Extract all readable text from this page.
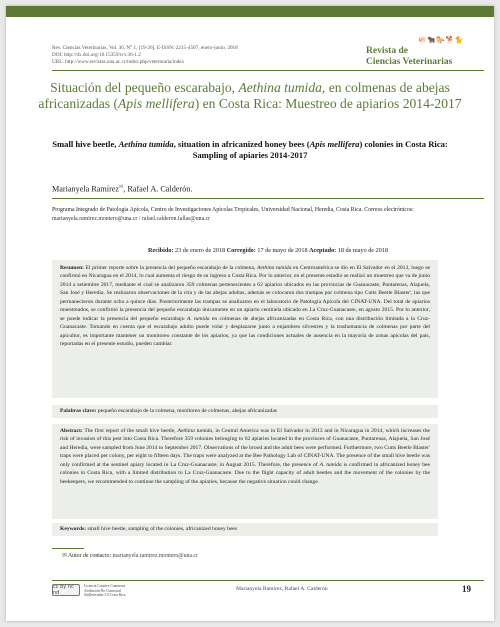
Rev. Ciencias Veterinarias, Vol. 36, N° 1, [19-26], E-ISSN: 2215-4507, enero-junio, 2018
DOI: http://dx.doi.org/10.15359/rcv.36-1.2
URL: http://www.revistas.una.ac.cr/index.php/veterinaria/index
🐖🐂🐎🐕🐈
Revista de
Ciencias Veterinarias
Situación del pequeño escarabajo, Aethina tumida, en colmenas de abejas africanizadas (Apis mellifera) en Costa Rica: Muestreo de apiarios 2014-2017
Small hive beetle, Aethina tumida, situation in africanized honey bees (Apis mellifera) colonies in Costa Rica: Sampling of apiaries 2014-2017
Marianyela Ramírez✉, Rafael A. Calderón.
Programa Integrado de Patología Apícola, Centro de Investigaciones Apícolas Tropicales, Universidad Nacional, Heredia, Costa Rica. Correos electrónicos: marianyela.ramirez.montero@una.cr / rafael.calderon.fallas@una.cr
Recibido: 23 de enero de 2018 Corregido: 17 de mayo de 2018 Aceptado: 18 de mayo de 2018

Resumen: El primer reporte sobre la presencia del pequeño escarabajo de la colmena, Aethina tumida en Centroamérica se dio en El Salvador en el 2013, luego se confirmó en Nicaragua en el 2014, lo cual aumenta el riesgo de su ingreso a Costa Rica. Por lo anterior, en el presente estudio se realizó un muestreo que va de junio 2014 a setiembre 2017, mediante el cual se analizaron 359 colmenas pertenecientes a 62 apiarios ubicados en las provincias de Guanacaste, Puntarenas, Alajuela, San José y Heredia. Se realizaron observaciones de la cría y de las abejas adultas, además se colocaron dos trampas por colmena tipo Cutts Beetle Blaster', las que permanecieron durante ocho a quince días. Posteriormente las trampas se analizaron en el laboratorio de Patología Apícola del CINAT-UNA. Del total de apiarios muestreados, se confirmó la presencia del pequeño escarabajo únicamente en un apiario centinela ubicado en La Cruz-Guanacaste, en agosto 2015. Por lo anterior, se puede indicar la presencia del pequeño escarabajo A. tumida en colmenas de abejas africanizadas en Costa Rica, con una distribución limitada a la Cruz-Guanacaste. Tomando en cuenta que el escarabajo adulto puede volar y desplazarse junto a enjambres silvestres y la trashumancia de colmenas por parte del apicultor, es importante mantener un monitoreo constante de los apiarios, ya que las condiciones actuales de ausencia en la mayoría de zonas apícolas del país, reportadas en el presente estudio, pueden cambiar.

Palabras clave: pequeño escarabajo de la colmena, monitoreo de colmenas, abejas africanizadas

Abstract: The first report of the small hive beetle, Aethina tumida, in Central America was in El Salvador in 2013 and in Nicaragua in 2014, which increases the risk of invasion of this pest into Costa Rica. Therefore 359 colonies belonging to 62 apiaries located in the provinces of Guanacaste, Puntarenas, Alajuela, San José and Heredia, were sampled from June 2014 to September 2017. Observations of the brood and the adult bees were performed. Furthermore, two Cutts Beetle Blaster' traps were placed per colony, per eight to fifteen days. The traps were analyzed at the Bee Pathology Lab of CINAT-UNA. The presence of the small hive beetle was only confirmed at the sentinel apiary located in La Cruz-Guanacaste, in August 2015. Therefore, the presence of A. tumida is confirmed in africanized honey bee colonies in Costa Rica, with a limited distribution to La Cruz-Guanacaste. Due to the flight capacity of adult beetles and the movement of the colonies by the beekeepers, we recommended to continue the sampling of the apiaries, because the negative situation could change.

Keywords: small hive beetle, sampling of the colonies, africanized honey bees

✉ Autor de contacto: marianyela.ramirez.montero@una.cr
cc by nc nd
Licencia Creative Commons
Atribución-No Comercial
SinDerivadas 3.0 Costa Rica
Marianyela Ramírez, Rafael A. Calderón	19
